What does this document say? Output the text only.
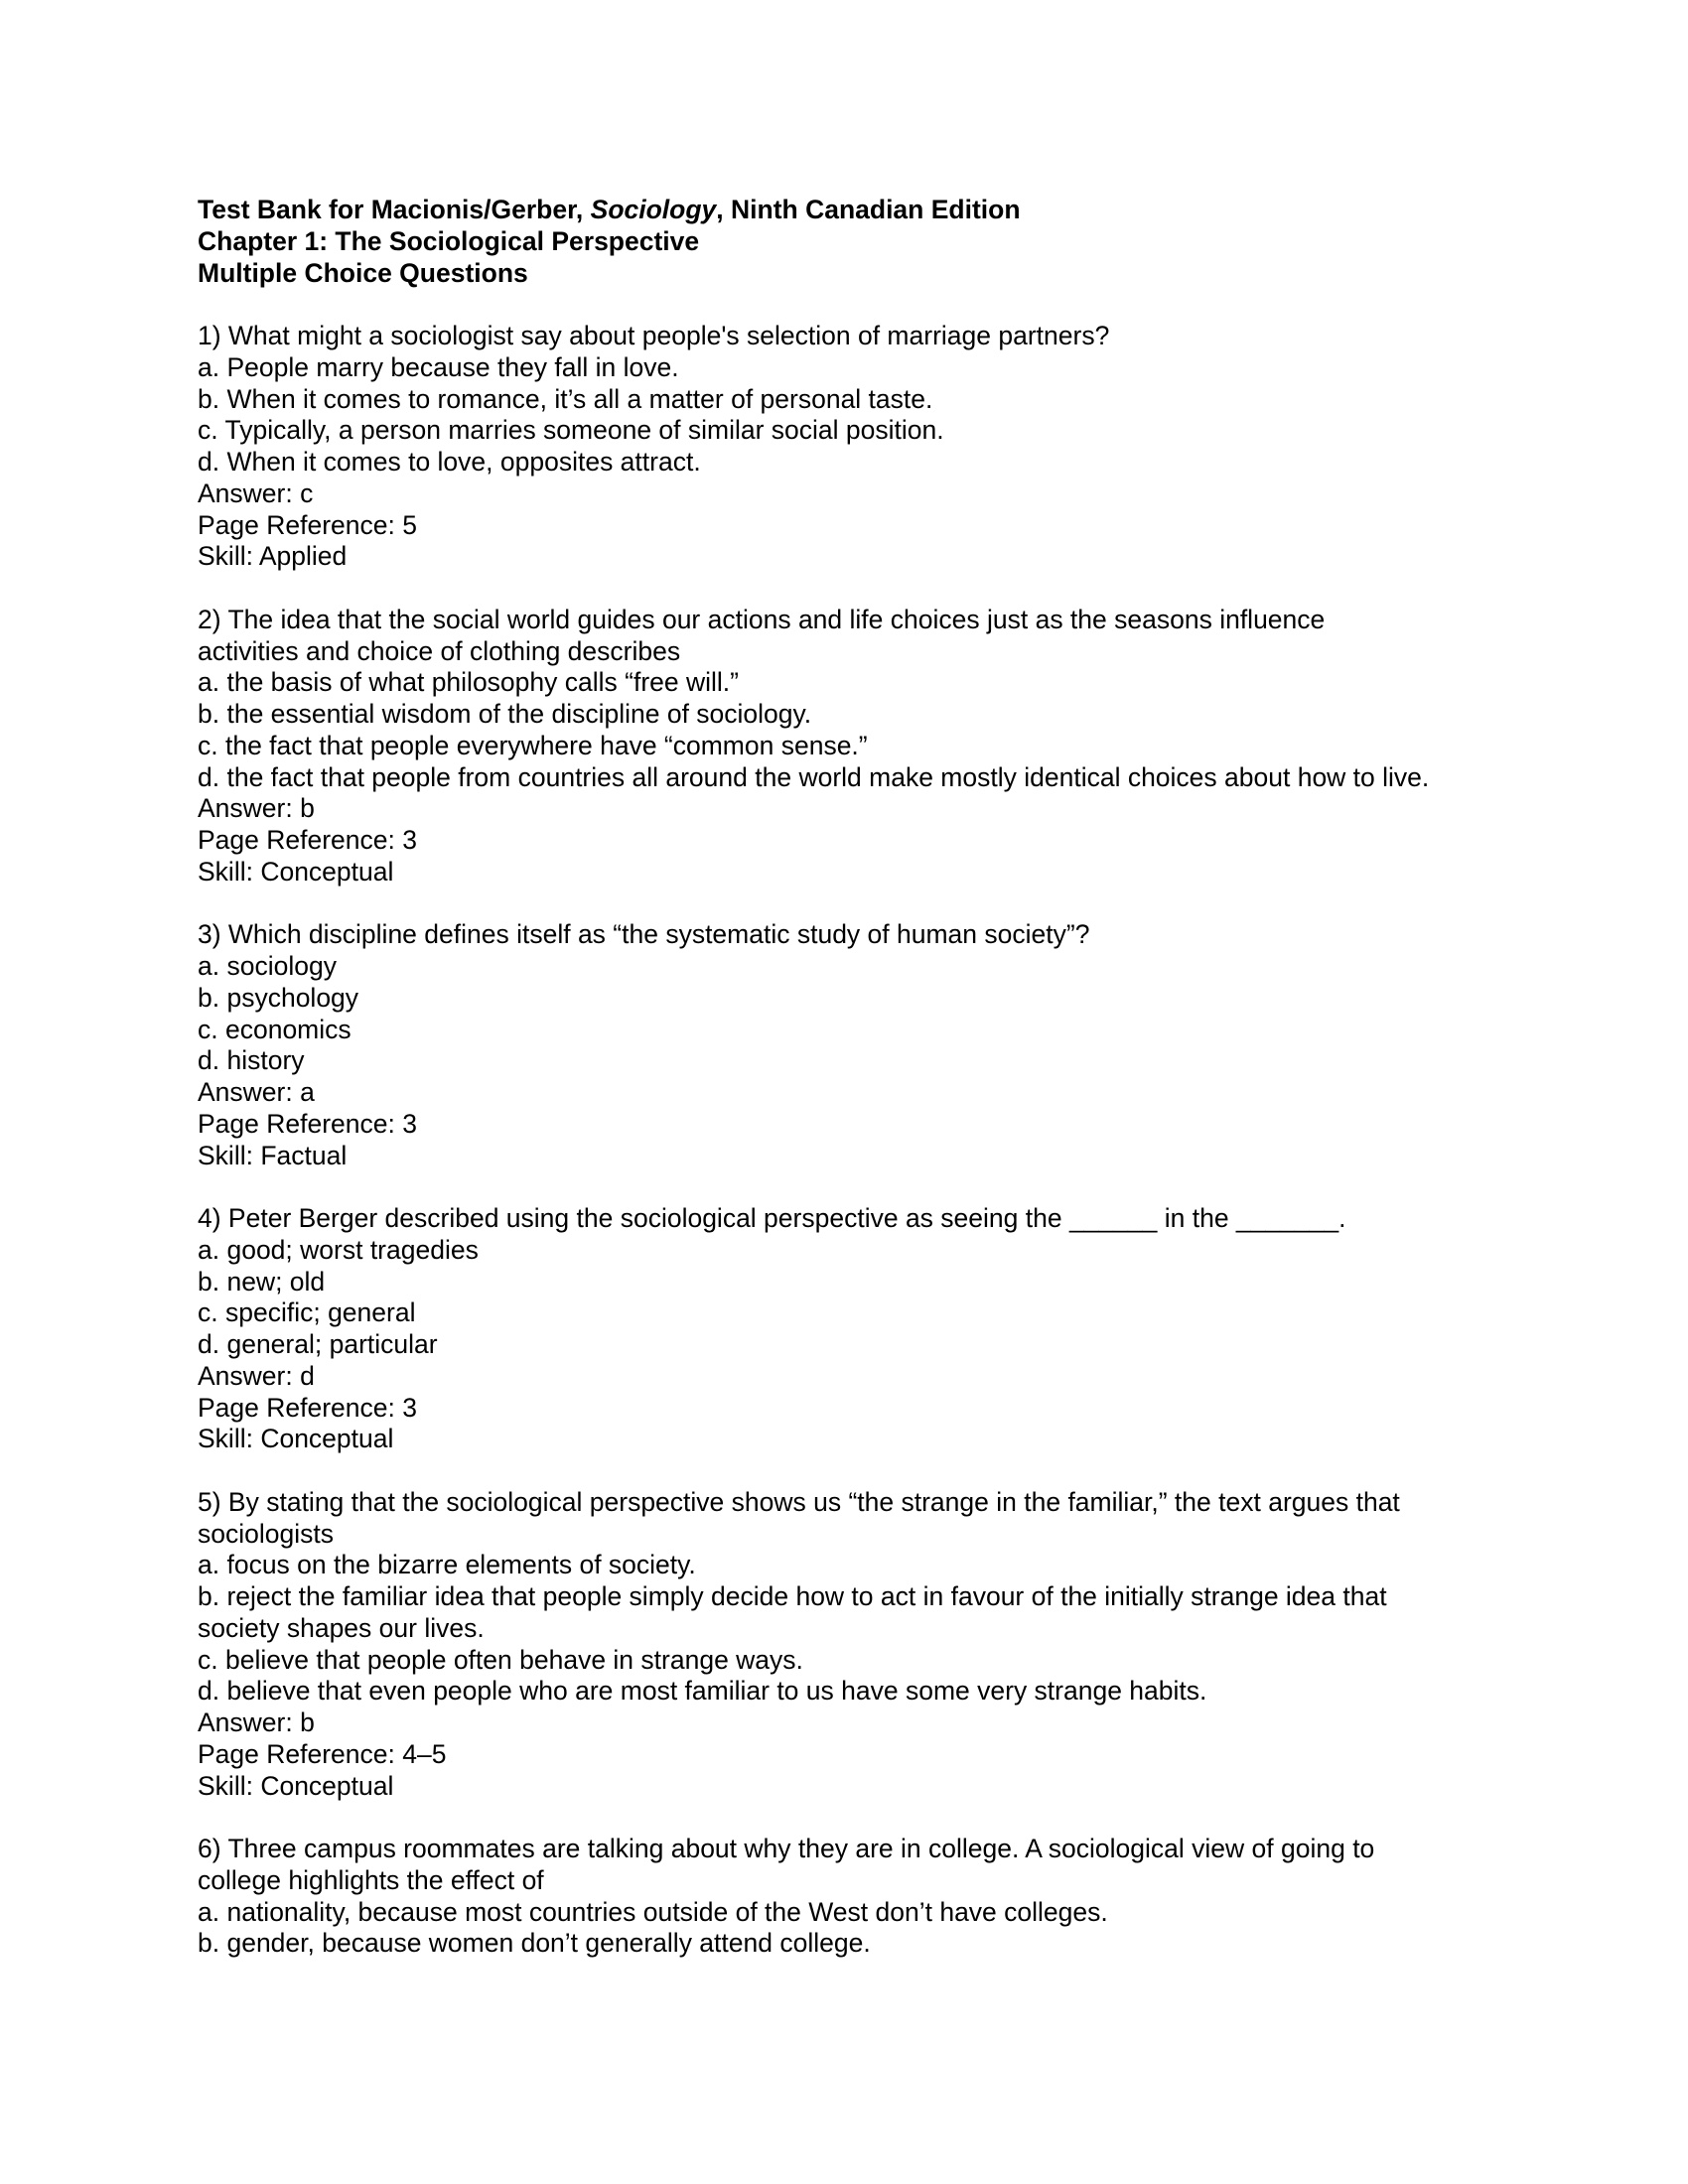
Test Bank for Macionis/Gerber, Sociology, Ninth Canadian Edition
Chapter 1: The Sociological Perspective
Multiple Choice Questions
1) What might a sociologist say about people's selection of marriage partners?
a. People marry because they fall in love.
b. When it comes to romance, it’s all a matter of personal taste.
c. Typically, a person marries someone of similar social position.
d. When it comes to love, opposites attract.
Answer: c
Page Reference: 5
Skill: Applied
2) The idea that the social world guides our actions and life choices just as the seasons influence
activities and choice of clothing describes
a. the basis of what philosophy calls “free will.”
b. the essential wisdom of the discipline of sociology.
c. the fact that people everywhere have “common sense.”
d. the fact that people from countries all around the world make mostly identical choices about how to live.
Answer: b
Page Reference: 3
Skill: Conceptual
3) Which discipline defines itself as “the systematic study of human society”?
a. sociology
b. psychology
c. economics
d. history
Answer: a
Page Reference: 3
Skill: Factual
4) Peter Berger described using the sociological perspective as seeing the ______ in the _______.
a. good; worst tragedies
b. new; old
c. specific; general
d. general; particular
Answer: d
Page Reference: 3
Skill: Conceptual
5) By stating that the sociological perspective shows us “the strange in the familiar,” the text argues that
sociologists
a. focus on the bizarre elements of society.
b. reject the familiar idea that people simply decide how to act in favour of the initially strange idea that
society shapes our lives.
c. believe that people often behave in strange ways.
d. believe that even people who are most familiar to us have some very strange habits.
Answer: b
Page Reference: 4–5
Skill: Conceptual
6) Three campus roommates are talking about why they are in college. A sociological view of going to
college highlights the effect of
a. nationality, because most countries outside of the West don’t have colleges.
b. gender, because women don’t generally attend college.
